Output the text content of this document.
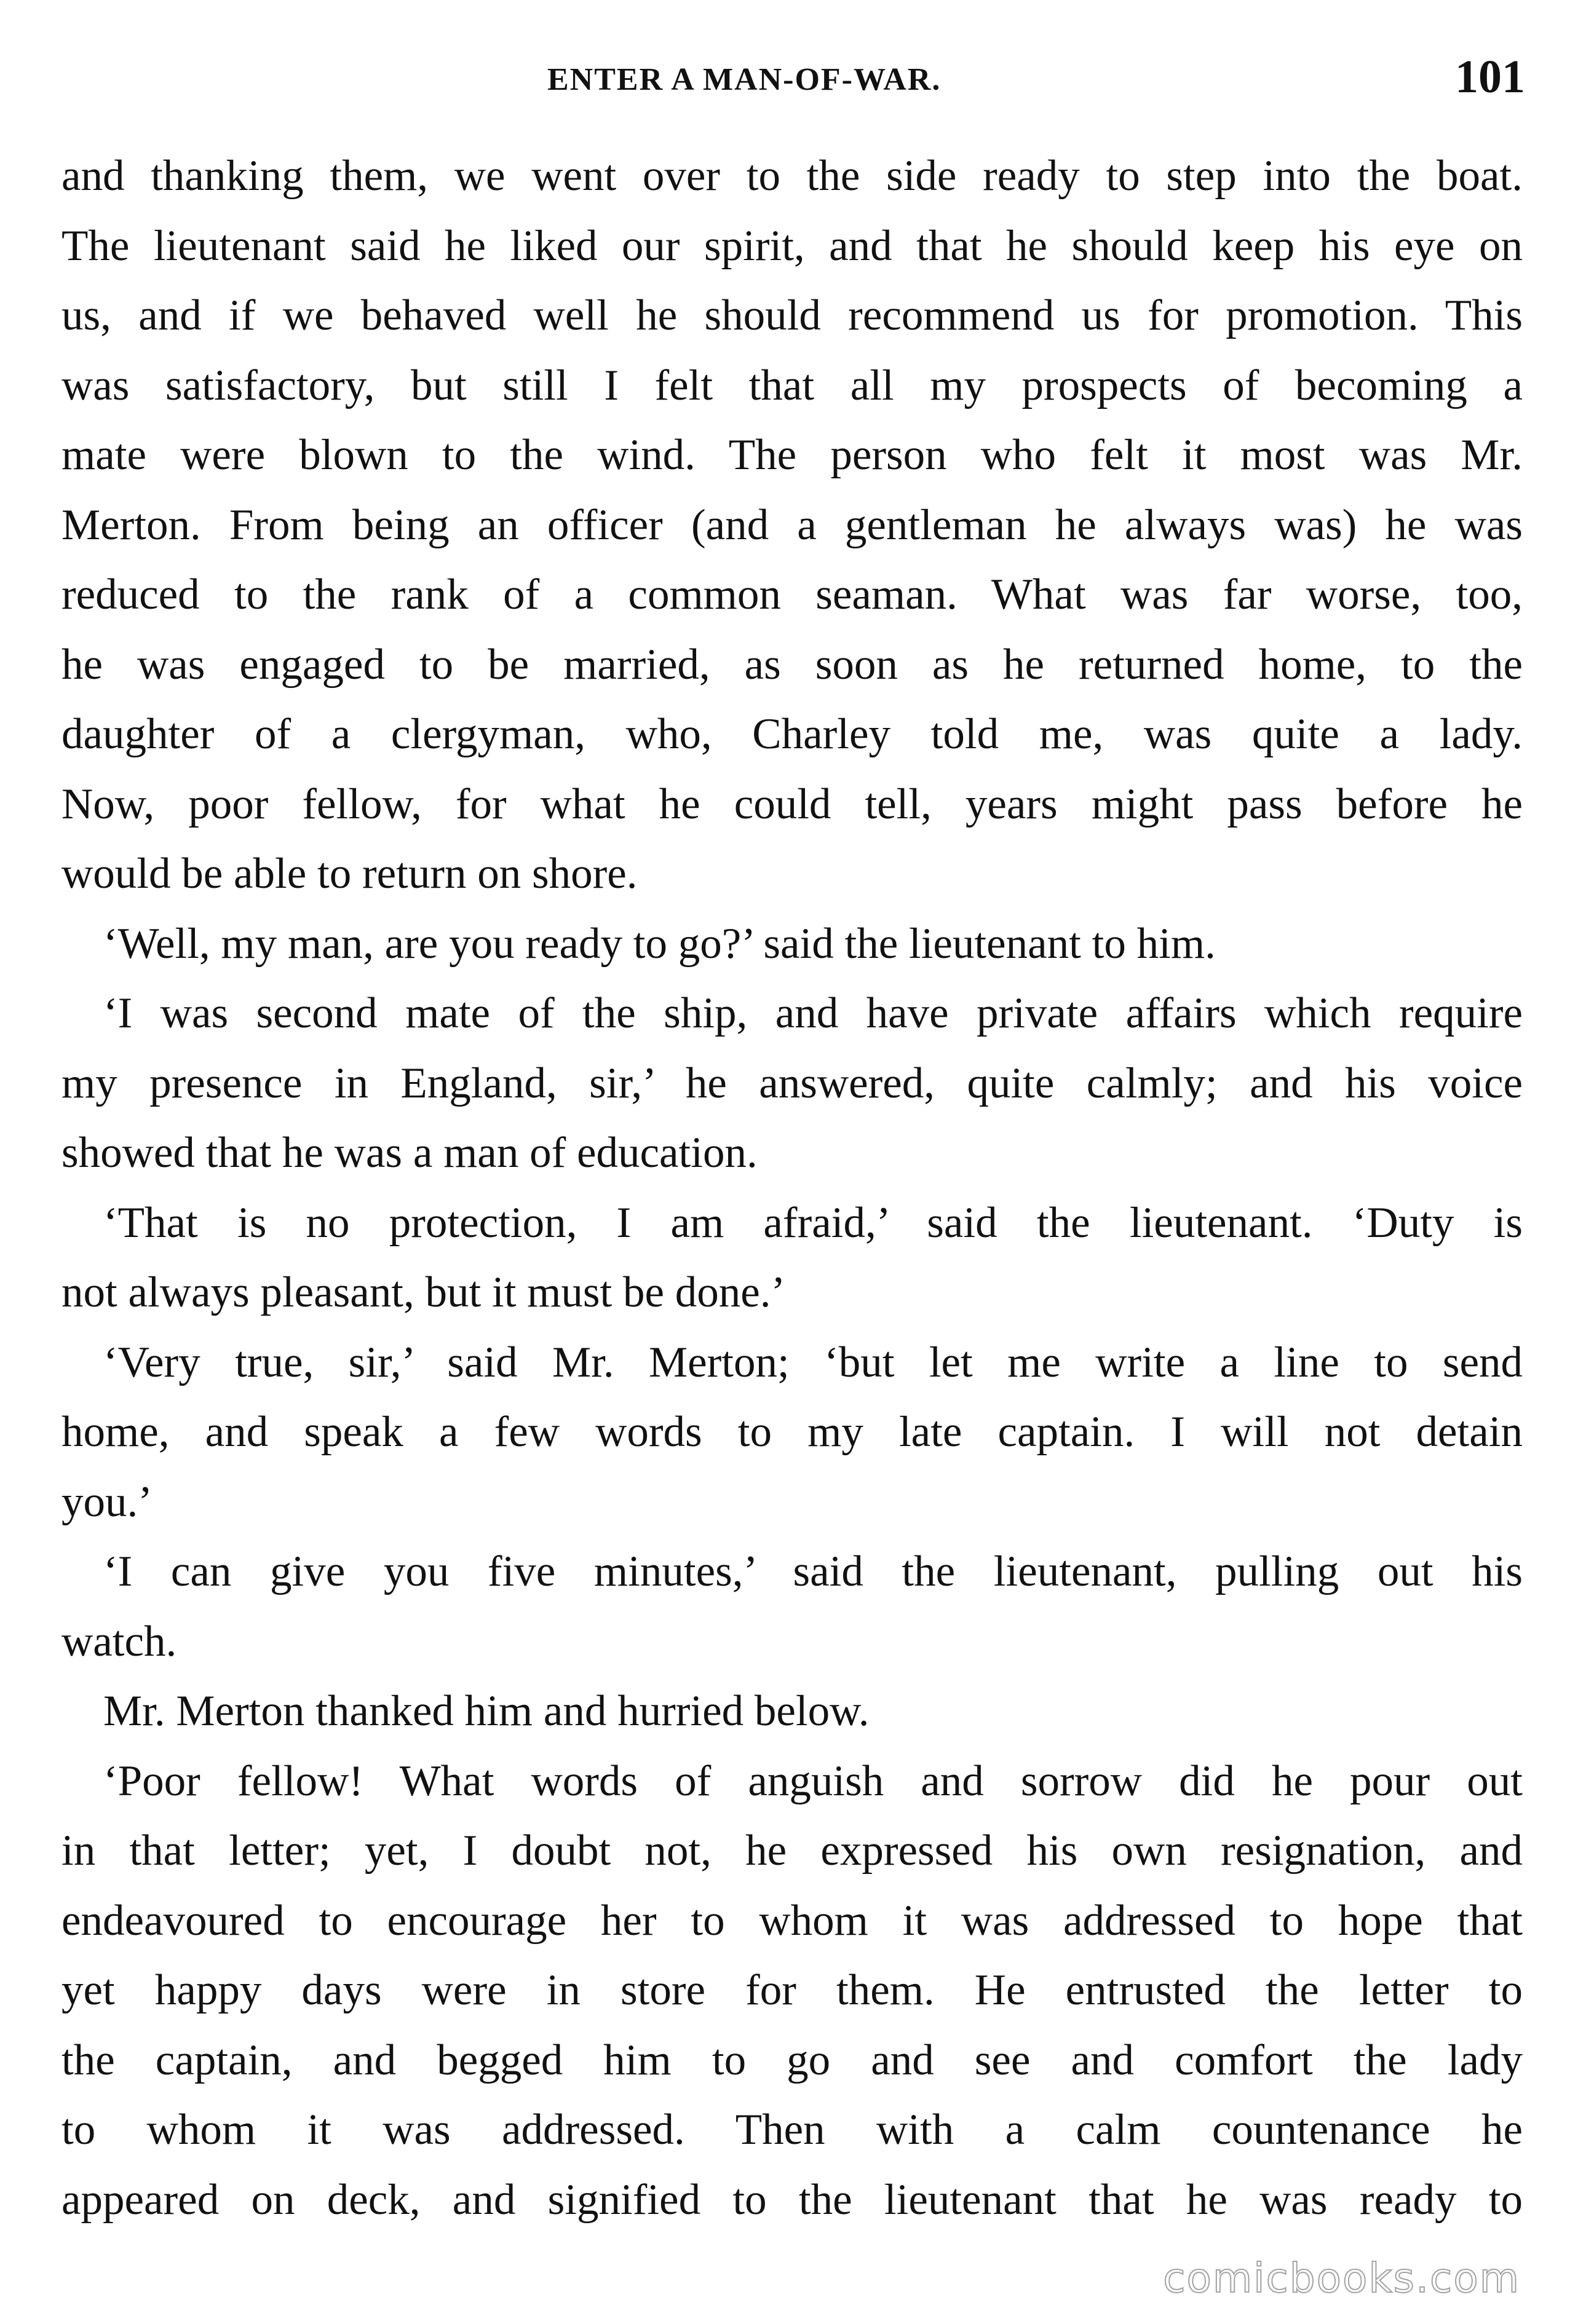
ENTER A MAN-OF-WAR.	101
and thanking them, we went over to the side ready to step into the boat.
The lieutenant said he liked our spirit, and that he should keep his eye on
us, and if we behaved well he should recommend us for promotion. This
was satisfactory, but still I felt that all my prospects of becoming a
mate were blown to the wind. The person who felt it most was Mr.
Merton. From being an officer (and a gentleman he always was) he was
reduced to the rank of a common seaman. What was far worse, too,
he was engaged to be married, as soon as he returned home, to the
daughter of a clergyman, who, Charley told me, was quite a lady.
Now, poor fellow, for what he could tell, years might pass before he
would be able to return on shore.
‘Well, my man, are you ready to go?’ said the lieutenant to him.
‘I was second mate of the ship, and have private affairs which require
my presence in England, sir,’ he answered, quite calmly; and his voice
showed that he was a man of education.
‘That is no protection, I am afraid,’ said the lieutenant. ‘Duty is
not always pleasant, but it must be done.’
‘Very true, sir,’ said Mr. Merton; ‘but let me write a line to send
home, and speak a few words to my late captain. I will not detain
you.’
‘I can give you five minutes,’ said the lieutenant, pulling out his
watch.
Mr. Merton thanked him and hurried below.
‘Poor fellow! What words of anguish and sorrow did he pour out
in that letter; yet, I doubt not, he expressed his own resignation, and
endeavoured to encourage her to whom it was addressed to hope that
yet happy days were in store for them. He entrusted the letter to
the captain, and begged him to go and see and comfort the lady
to whom it was addressed. Then with a calm countenance he
appeared on deck, and signified to the lieutenant that he was ready to
comicbooks.com
